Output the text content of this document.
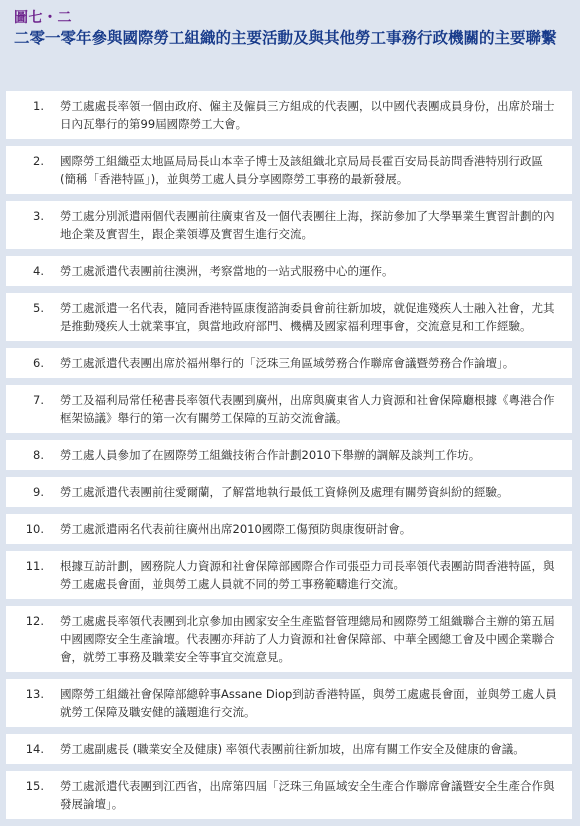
圖七・二
二零一零年參與國際勞工組織的主要活動及與其他勞工事務行政機關的主要聯繫
1.	勞工處處長率領一個由政府、僱主及僱員三方組成的代表團，以中國代表團成員身份，出席於瑞士日內瓦舉行的第99屆國際勞工大會。
2.	國際勞工組織亞太地區局局長山本幸子博士及該組織北京局局長霍百安局長訪問香港特別行政區 (簡稱「香港特區」)，並與勞工處人員分享國際勞工事務的最新發展。
3.	勞工處分別派遣兩個代表團前往廣東省及一個代表團往上海，探訪參加了大學畢業生實習計劃的內地企業及實習生，跟企業領導及實習生進行交流。
4.	勞工處派遣代表團前往澳洲，考察當地的一站式服務中心的運作。
5.	勞工處派遣一名代表，隨同香港特區康復諮詢委員會前往新加坡，就促進殘疾人士融入社會，尤其是推動殘疾人士就業事宜，與當地政府部門、機構及國家福利理事會，交流意見和工作經驗。
6.	勞工處派遣代表團出席於福州舉行的「泛珠三角區域勞務合作聯席會議暨勞務合作論壇」。
7.	勞工及福利局常任秘書長率領代表團到廣州，出席與廣東省人力資源和社會保障廳根據《粵港合作框架協議》舉行的第一次有關勞工保障的互訪交流會議。
8.	勞工處人員參加了在國際勞工組織技術合作計劃2010下舉辦的調解及談判工作坊。
9.	勞工處派遣代表團前往愛爾蘭，了解當地執行最低工資條例及處理有關勞資糾紛的經驗。
10.	勞工處派遣兩名代表前往廣州出席2010國際工傷預防與康復研討會。
11.	根據互訪計劃，國務院人力資源和社會保障部國際合作司張亞力司長率領代表團訪問香港特區，與勞工處處長會面，並與勞工處人員就不同的勞工事務範疇進行交流。
12.	勞工處處長率領代表團到北京參加由國家安全生產監督管理總局和國際勞工組織聯合主辦的第五屆中國國際安全生產論壇。代表團亦拜訪了人力資源和社會保障部、中華全國總工會及中國企業聯合會，就勞工事務及職業安全等事宜交流意見。
13.	國際勞工組織社會保障部總幹事Assane Diop到訪香港特區，與勞工處處長會面，並與勞工處人員就勞工保障及職安健的議題進行交流。
14.	勞工處副處長 (職業安全及健康) 率領代表團前往新加坡，出席有關工作安全及健康的會議。
15.	勞工處派遣代表團到江西省，出席第四屆「泛珠三角區域安全生產合作聯席會議暨安全生產合作與發展論壇」。
